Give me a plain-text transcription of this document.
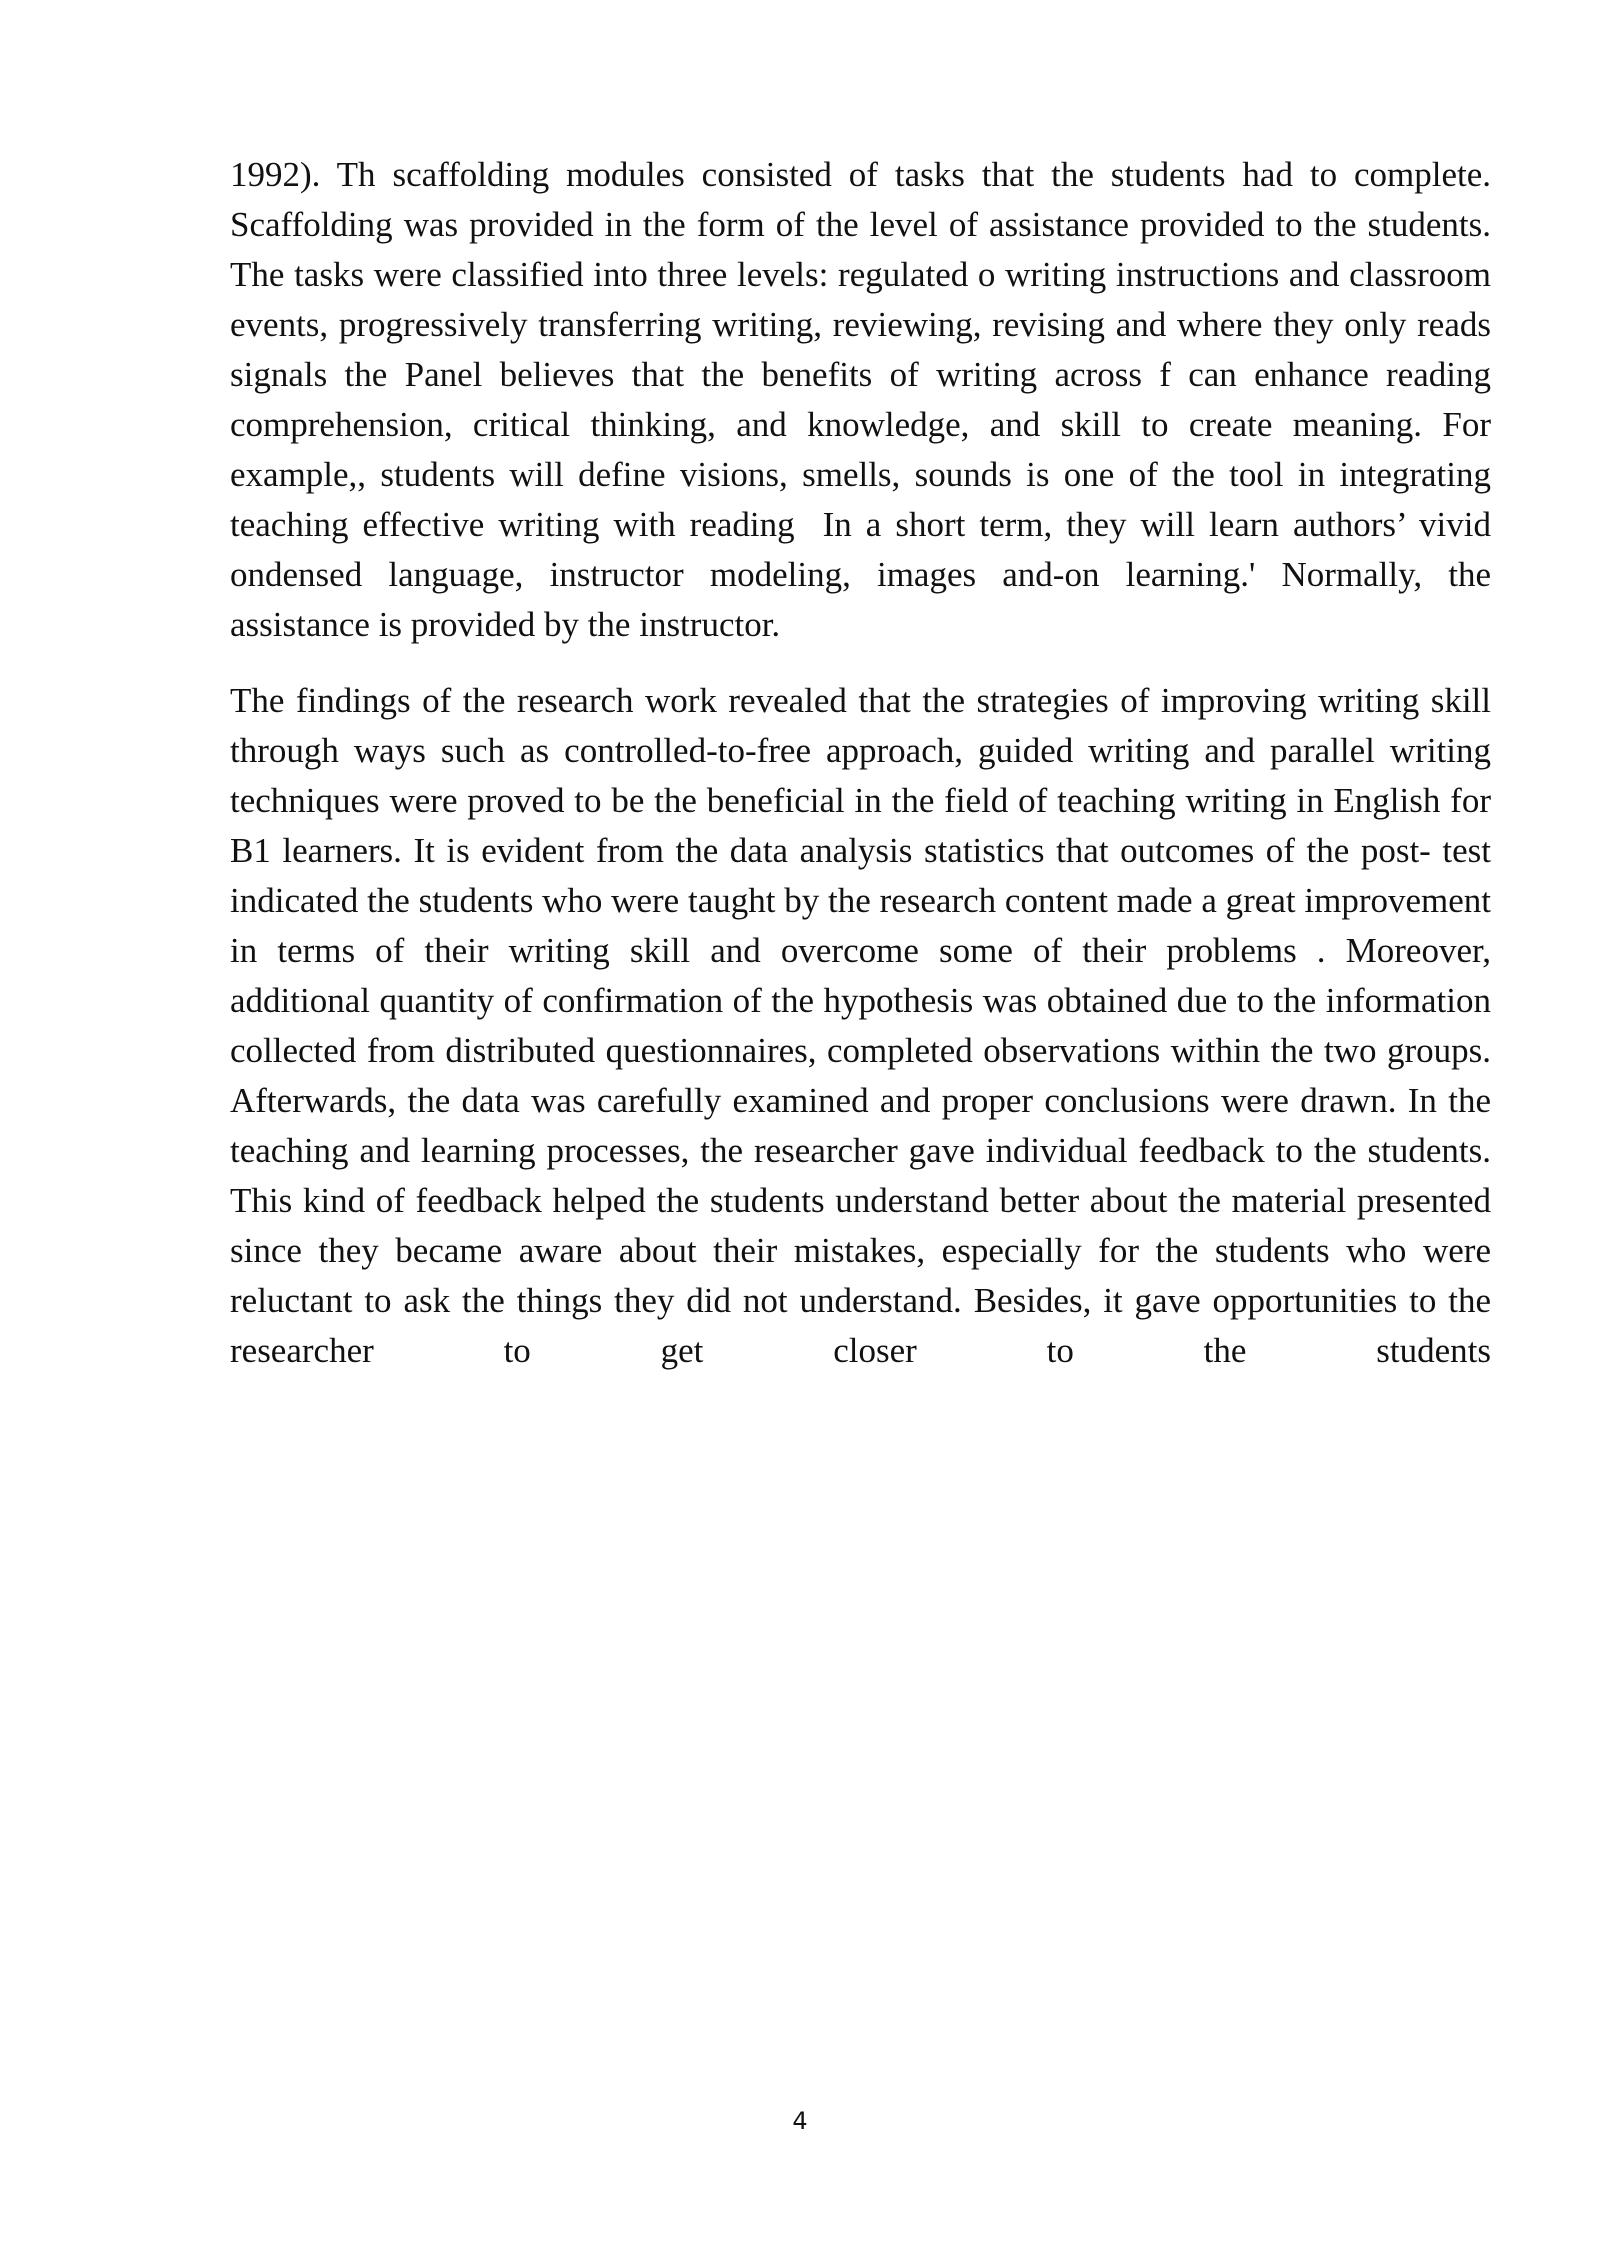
1992). Th scaffolding modules consisted of tasks that the students had to complete. Scaffolding was provided in the form of the level of assistance provided to the students. The tasks were classified into three levels: regulated o writing instructions and classroom events, progressively transferring writing, reviewing, revising and where they only reads signals the Panel believes that the benefits of writing across f can enhance reading comprehension, critical thinking, and knowledge, and skill to create meaning. For example,, students will define visions, smells, sounds is one of the tool in integrating teaching effective writing with reading  In a short term, they will learn authors’ vivid ondensed language, instructor modeling, images and-on learning.' Normally, the assistance is provided by the instructor.

The findings of the research work revealed that the strategies of improving writing skill through ways such as controlled-to-free approach, guided writing and parallel writing techniques were proved to be the beneficial in the field of teaching writing in English for B1 learners. It is evident from the data analysis statistics that outcomes of the post- test indicated the students who were taught by the research content made a great improvement in terms of their writing skill and overcome some of their problems . Moreover, additional quantity of confirmation of the hypothesis was obtained due to the information collected from distributed questionnaires, completed observations within the two groups. Afterwards, the data was carefully examined and proper conclusions were drawn. In the teaching and learning processes, the researcher gave individual feedback to the students. This kind of feedback helped the students understand better about the material presented since they became aware about their mistakes, especially for the students who were reluctant to ask the things they did not understand. Besides, it gave opportunities to the researcher to get closer to the students

4
